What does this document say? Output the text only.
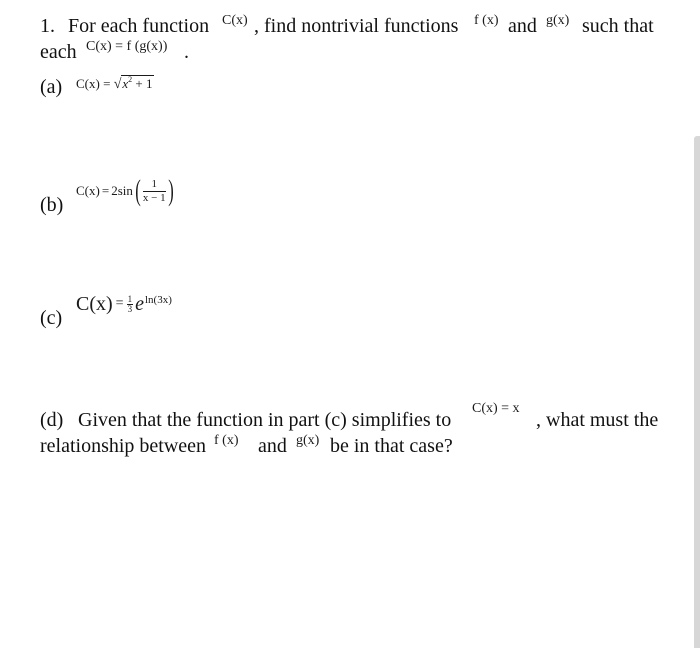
1. For each function C(x) , find nontrivial functions f (x) and g(x) such that
each C(x) = f (g(x)) .
(a) $C(x) = √x^2 + 1$
(b)
C(x) = 2 sin ( $\frac{1}{x - 1}$ )
(c)
$C(x) = \frac{1}{3}$ e ln(3x)
(d) Given that the function in part (c) simplifies to
C(x) = x
, what must the
relationship between f (x) and g(x) be in that case?
